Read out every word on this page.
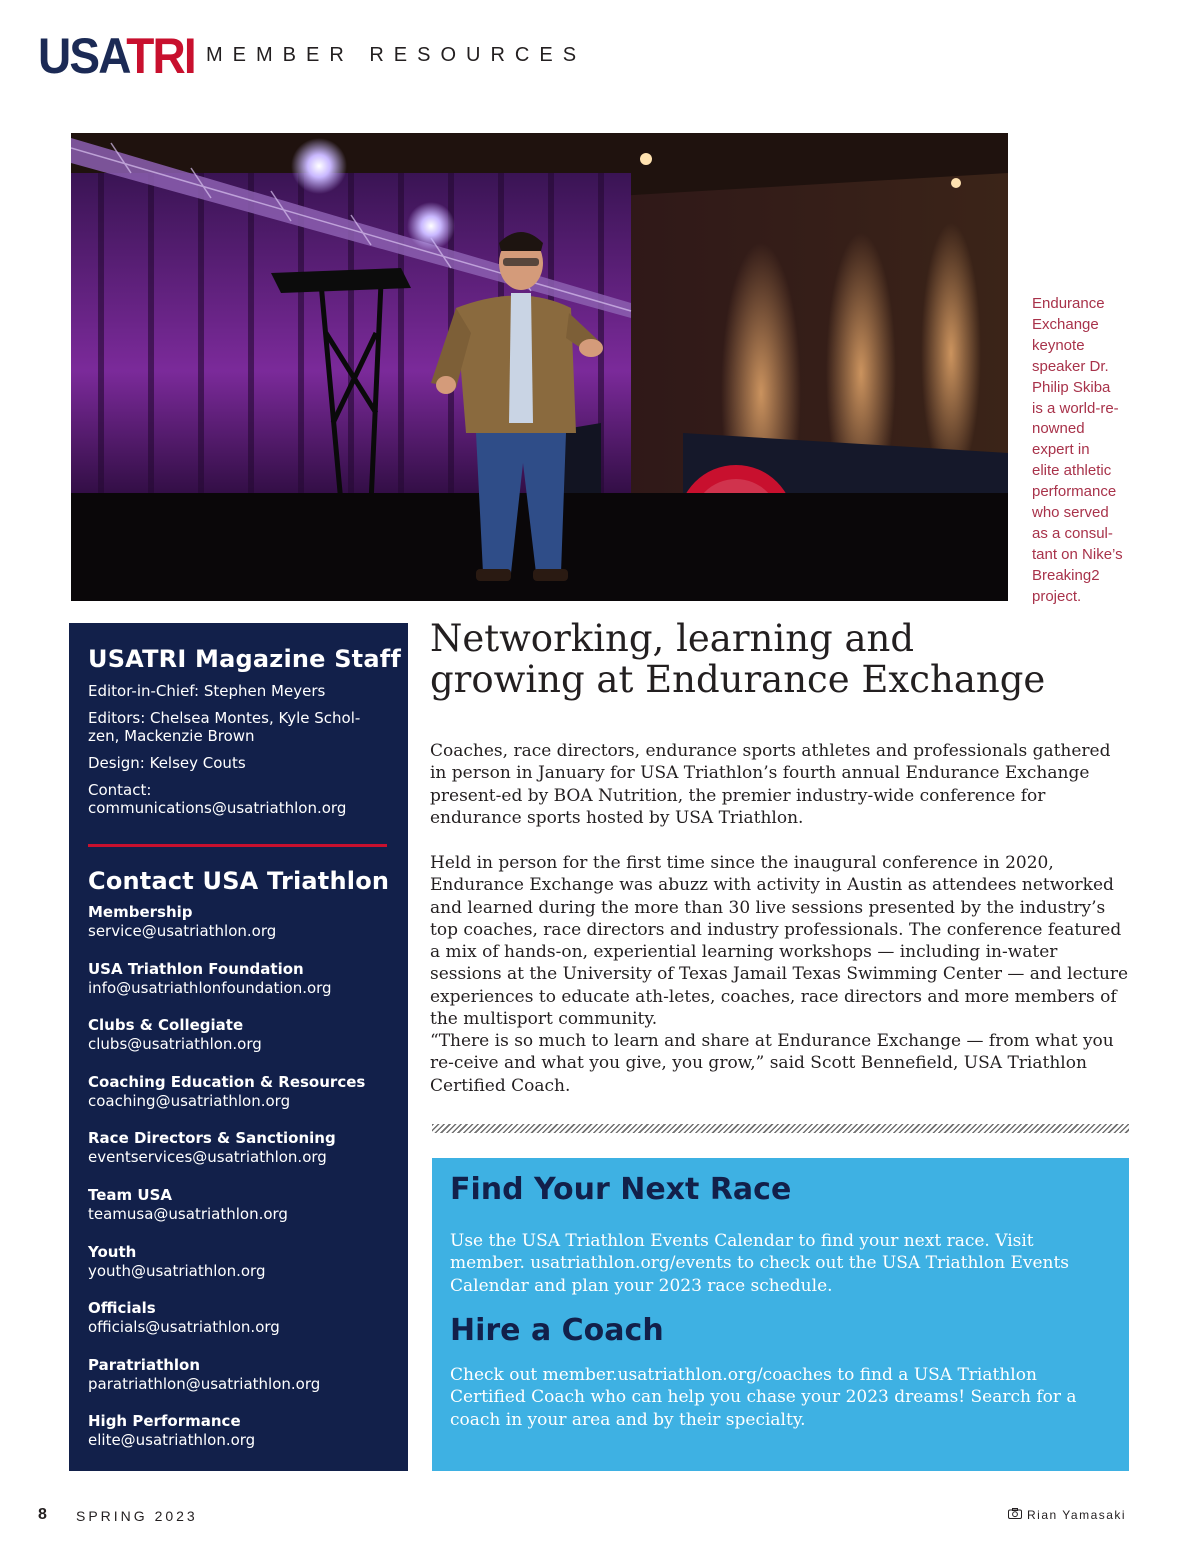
USATRI MEMBER RESOURCES
Endurance
Exchange
keynote
speaker Dr.
Philip Skiba
is a world-re-
nowned
expert in
elite athletic
performance
who served
as a consul-
tant on Nike’s
Breaking2
project.
USATRI Magazine Staff
Editor-in-Chief: Stephen Meyers
Editors: Chelsea Montes, Kyle Schol-
zen, Mackenzie Brown
Design: Kelsey Couts
Contact:
communications@usatriathlon.org
Contact USA Triathlon
Membership
service@usatriathlon.org
USA Triathlon Foundation
info@usatriathlonfoundation.org
Clubs & Collegiate
clubs@usatriathlon.org
Coaching Education & Resources
coaching@usatriathlon.org
Race Directors & Sanctioning
eventservices@usatriathlon.org
Team USA
teamusa@usatriathlon.org
Youth
youth@usatriathlon.org
Officials
officials@usatriathlon.org
Paratriathlon
paratriathlon@usatriathlon.org
High Performance
elite@usatriathlon.org
Networking, learning and
growing at Endurance Exchange
Coaches, race directors, endurance sports athletes and professionals gathered in person in January for USA Triathlon’s fourth annual Endurance Exchange present-ed by BOA Nutrition, the premier industry-wide conference for endurance sports hosted by USA Triathlon.
Held in person for the first time since the inaugural conference in 2020, Endurance Exchange was abuzz with activity in Austin as attendees networked and learned during the more than 30 live sessions presented by the industry’s top coaches, race directors and industry professionals. The conference featured a mix of hands-on, experiential learning workshops — including in-water sessions at the University of Texas Jamail Texas Swimming Center — and lecture experiences to educate ath-letes, coaches, race directors and more members of the multisport community.
“There is so much to learn and share at Endurance Exchange — from what you re-ceive and what you give, you grow,” said Scott Bennefield, USA Triathlon Certified Coach.
Find Your Next Race
Use the USA Triathlon Events Calendar to find your next race. Visit member. usatriathlon.org/events to check out the USA Triathlon Events Calendar and plan your 2023 race schedule.
Hire a Coach
Check out member.usatriathlon.org/coaches to find a USA Triathlon Certified Coach who can help you chase your 2023 dreams! Search for a coach in your area and by their specialty.
8 SPRING 2023	Rian Yamasaki
